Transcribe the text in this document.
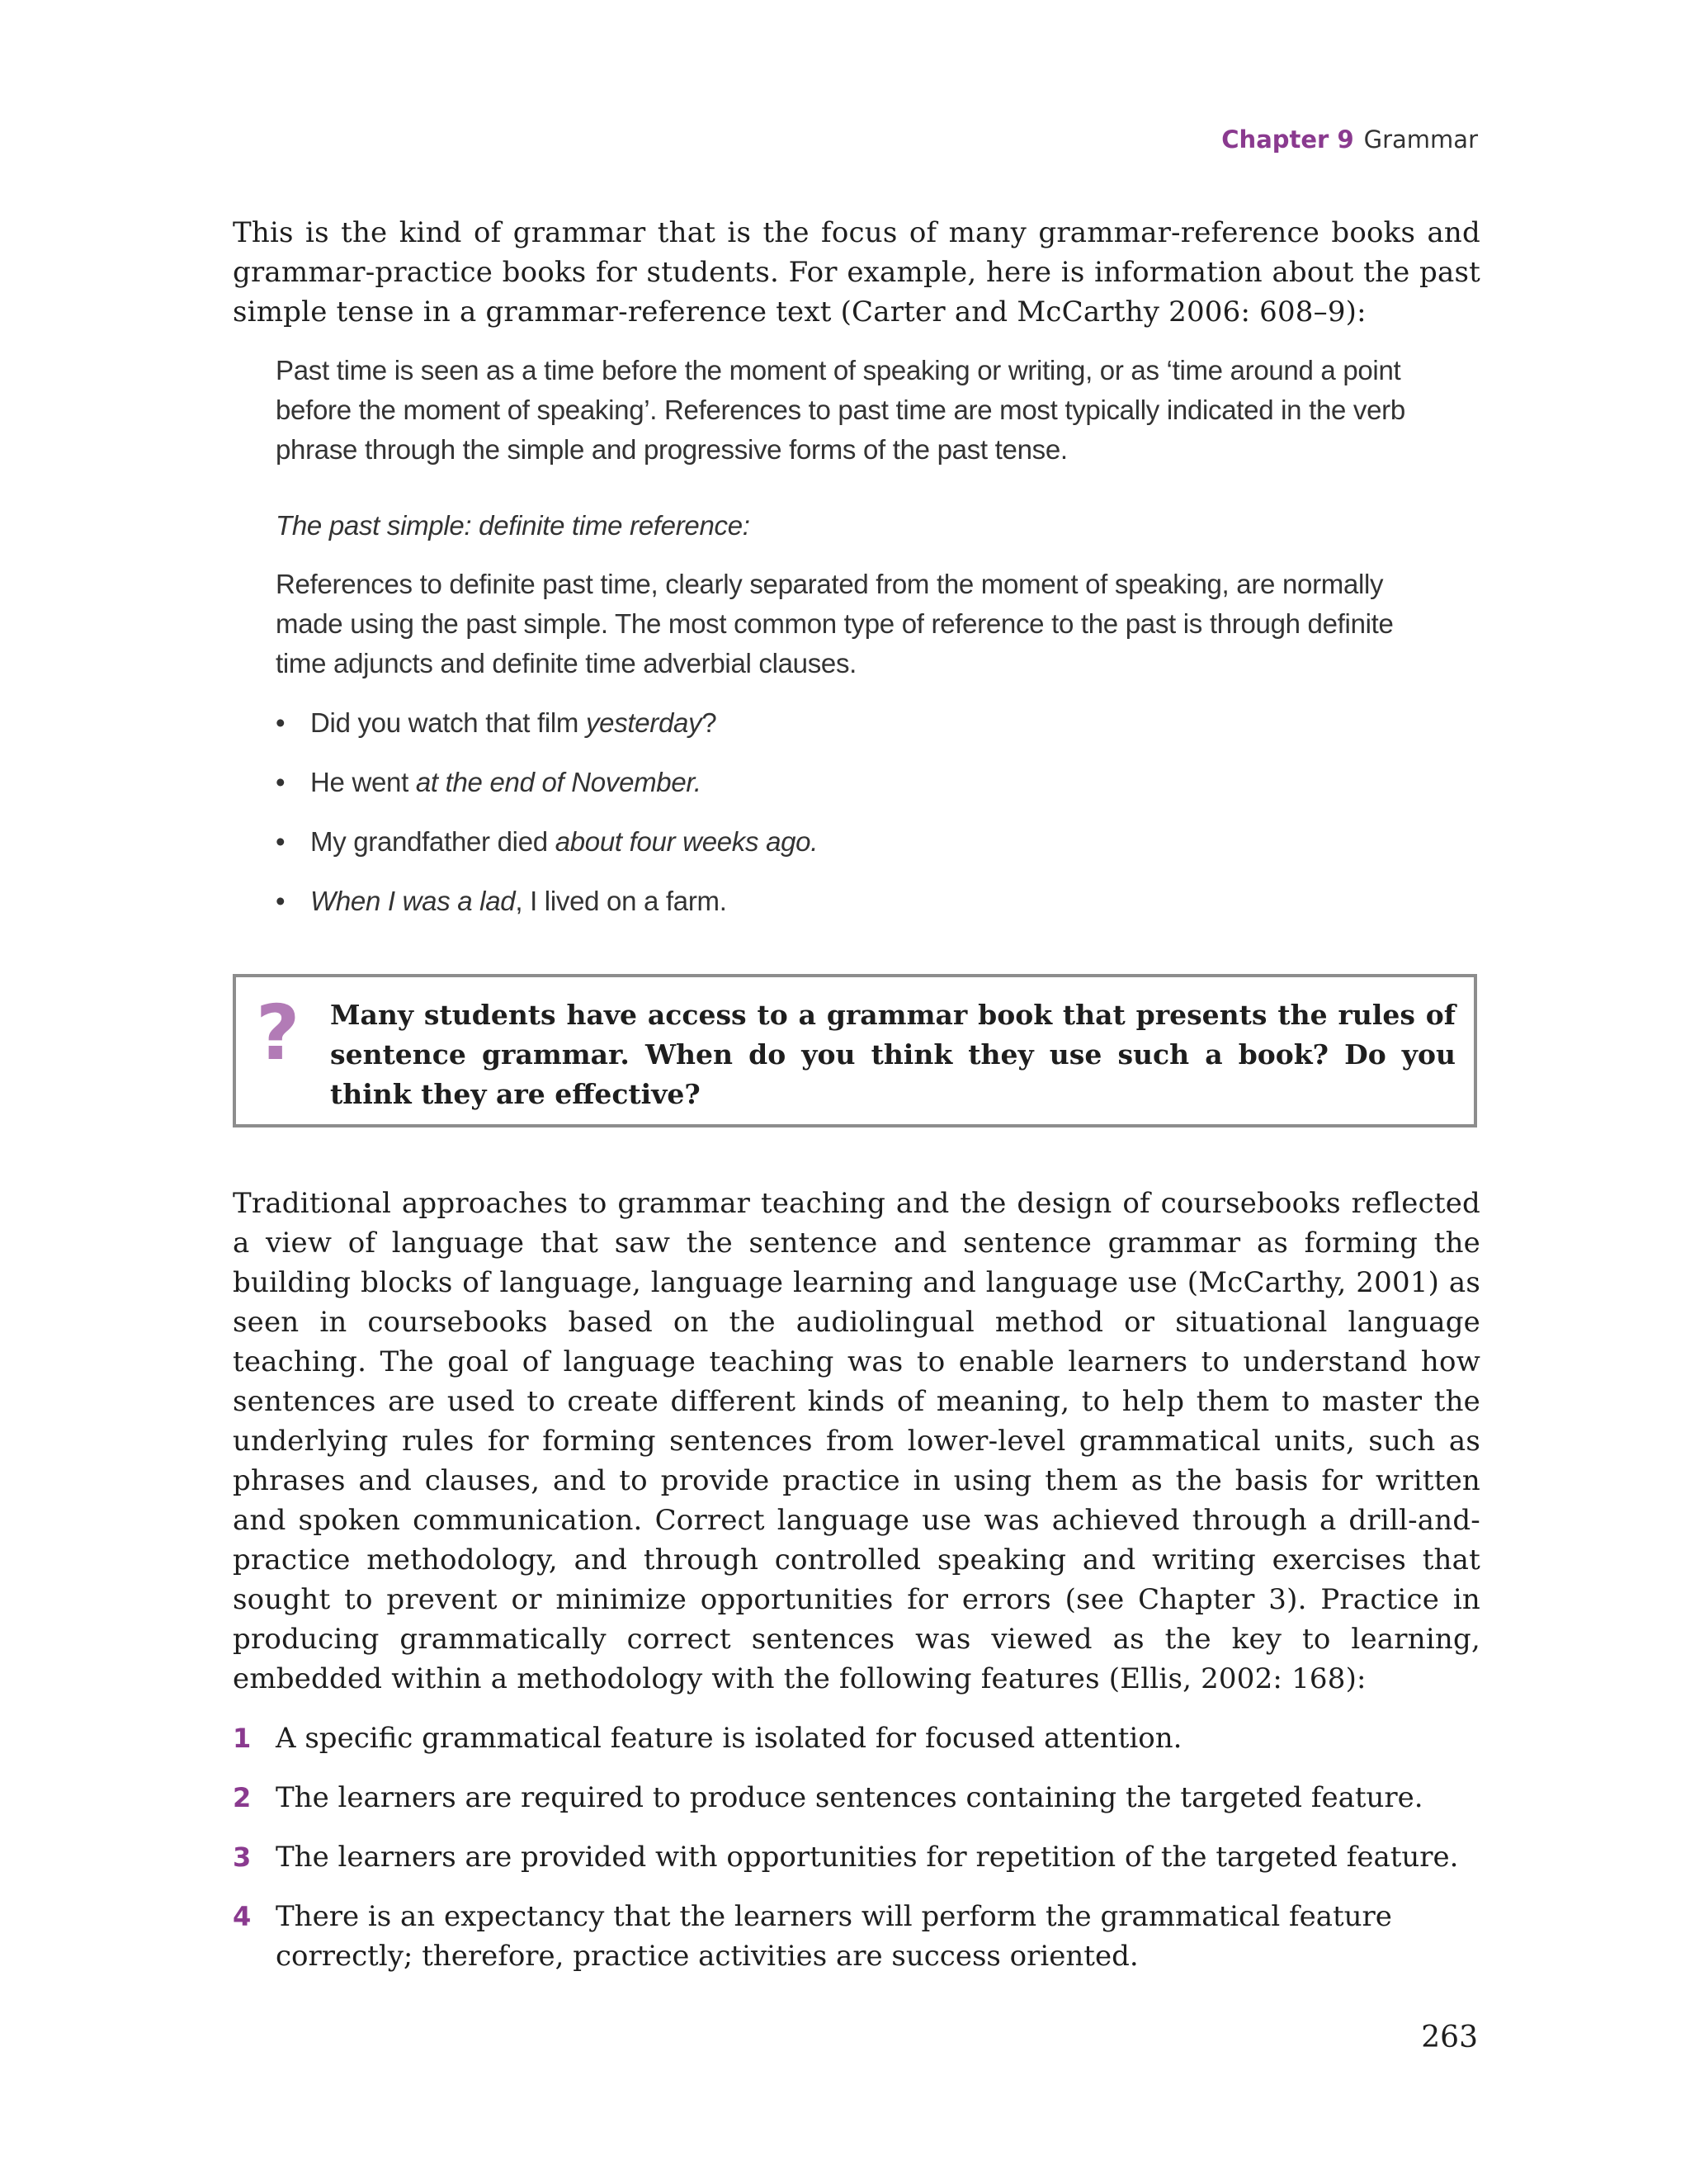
Chapter 9 Grammar

This is the kind of grammar that is the focus of many grammar-reference books and grammar-practice books for students. For example, here is information about the past simple tense in a grammar-reference text (Carter and McCarthy 2006: 608–9):

Past time is seen as a time before the moment of speaking or writing, or as ‘time around a point before the moment of speaking’. References to past time are most typically indicated in the verb phrase through the simple and progressive forms of the past tense.

The past simple: definite time reference:

References to definite past time, clearly separated from the moment of speaking, are normally made using the past simple. The most common type of reference to the past is through definite time adjuncts and definite time adverbial clauses.

• Did you watch that film yesterday?
• He went at the end of November.
• My grandfather died about four weeks ago.
• When I was a lad, I lived on a farm.
? Many students have access to a grammar book that presents the rules of sentence grammar. When do you think they use such a book? Do you think they are effective?

Traditional approaches to grammar teaching and the design of coursebooks reflected a view of language that saw the sentence and sentence grammar as forming the building blocks of language, language learning and language use (McCarthy, 2001) as seen in coursebooks based on the audiolingual method or situational language teaching. The goal of language teaching was to enable learners to understand how sentences are used to create different kinds of meaning, to help them to master the underlying rules for forming sentences from lower-level grammatical units, such as phrases and clauses, and to provide practice in using them as the basis for written and spoken communication. Correct language use was achieved through a drill-and-practice methodology, and through controlled speaking and writing exercises that sought to prevent or minimize opportunities for errors (see Chapter 3). Practice in producing grammatically correct sentences was viewed as the key to learning, embedded within a methodology with the following features (Ellis, 2002: 168):

1 A specific grammatical feature is isolated for focused attention.
2 The learners are required to produce sentences containing the targeted feature.
3 The learners are provided with opportunities for repetition of the targeted feature.
4 There is an expectancy that the learners will perform the grammatical feature correctly; therefore, practice activities are success oriented.
263
